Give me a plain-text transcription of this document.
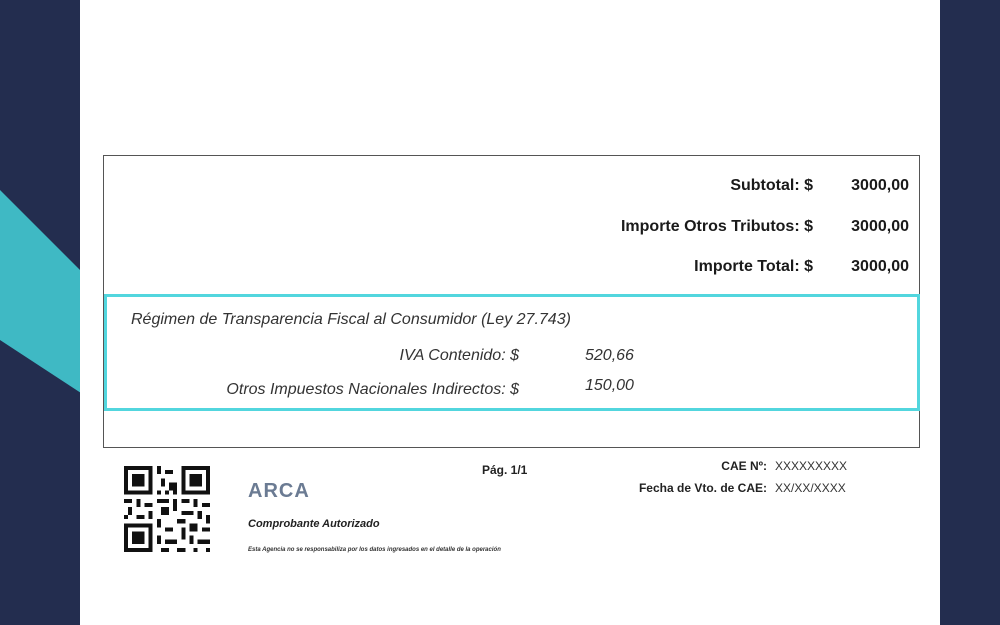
Subtotal: $	3000,00
Importe Otros Tributos: $	3000,00
Importe Total: $	3000,00
Régimen de Transparencia Fiscal al Consumidor (Ley 27.743)
IVA Contenido: $	520,66
Otros Impuestos Nacionales Indirectos: $	150,00
ARCA
Comprobante Autorizado
Esta Agencia no se responsabiliza por los datos ingresados en el detalle de la operación
Pág. 1/1	CAE Nº: XXXXXXXXX
Fecha de Vto. de CAE: XX/XX/XXXX
